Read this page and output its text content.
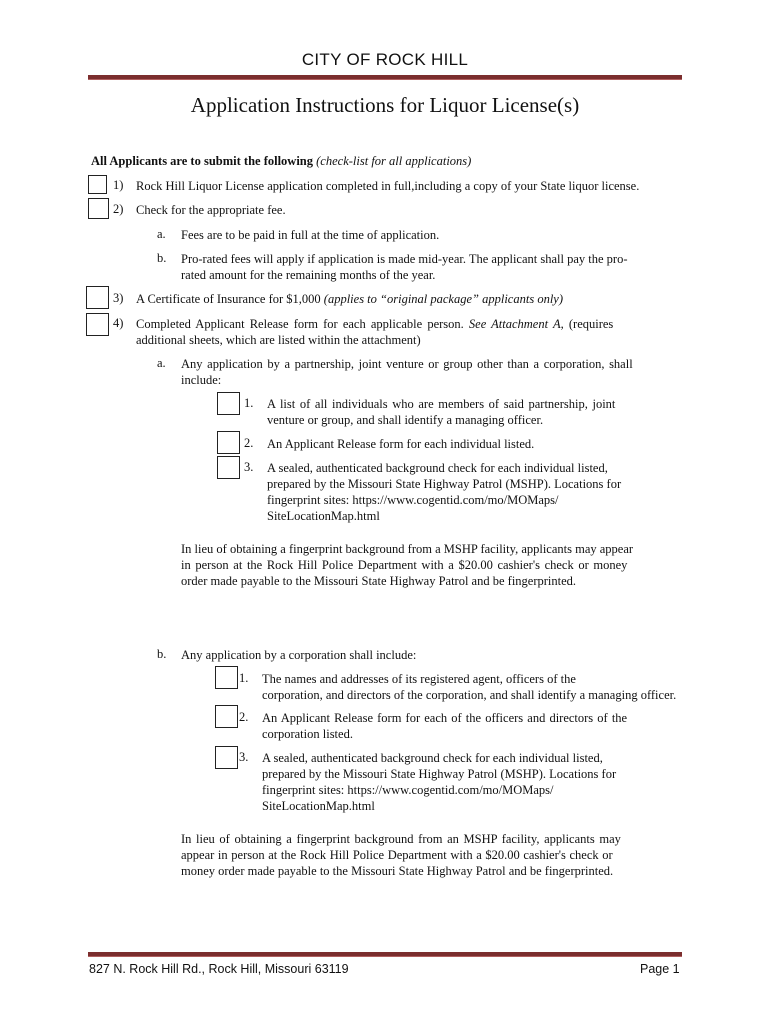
CITY OF ROCK HILL
Application Instructions for Liquor License(s)
All Applicants are to submit the following (check-list for all applications)
1) Rock Hill Liquor License application completed in full,including a copy of your State liquor license.
2) Check for the appropriate fee.
a. Fees are to be paid in full at the time of application.
b. Pro-rated fees will apply if application is made mid-year. The applicant shall pay the pro-
rated amount for the remaining months of the year.
3) A Certificate of Insurance for $1,000 (applies to “original package” applicants only)
4) Completed Applicant Release form for each applicable person. See Attachment A, (requires
additional sheets, which are listed within the attachment)
a. Any application by a partnership, joint venture or group other than a corporation, shall
include:
1. A list of all individuals who are members of said partnership, joint
venture or group, and shall identify a managing officer.
2. An Applicant Release form for each individual listed.
3. A sealed, authenticated background check for each individual listed,
prepared by the Missouri State Highway Patrol (MSHP). Locations for
fingerprint sites: https://www.cogentid.com/mo/MOMaps/
SiteLocationMap.html
In lieu of obtaining a fingerprint background from a MSHP facility, applicants may appear
in person at the Rock Hill Police Department with a $20.00 cashier's check or money
order made payable to the Missouri State Highway Patrol and be fingerprinted.
b. Any application by a corporation shall include:
1. The names and addresses of its registered agent, officers of the
corporation, and directors of the corporation, and shall identify a managing officer.
2. An Applicant Release form for each of the officers and directors of the
corporation listed.
3. A sealed, authenticated background check for each individual listed,
prepared by the Missouri State Highway Patrol (MSHP). Locations for
fingerprint sites: https://www.cogentid.com/mo/MOMaps/
SiteLocationMap.html
In lieu of obtaining a fingerprint background from an MSHP facility, applicants may
appear in person at the Rock Hill Police Department with a $20.00 cashier's check or
money order made payable to the Missouri State Highway Patrol and be fingerprinted.
827 N. Rock Hill Rd., Rock Hill, Missouri 63119	Page 1
